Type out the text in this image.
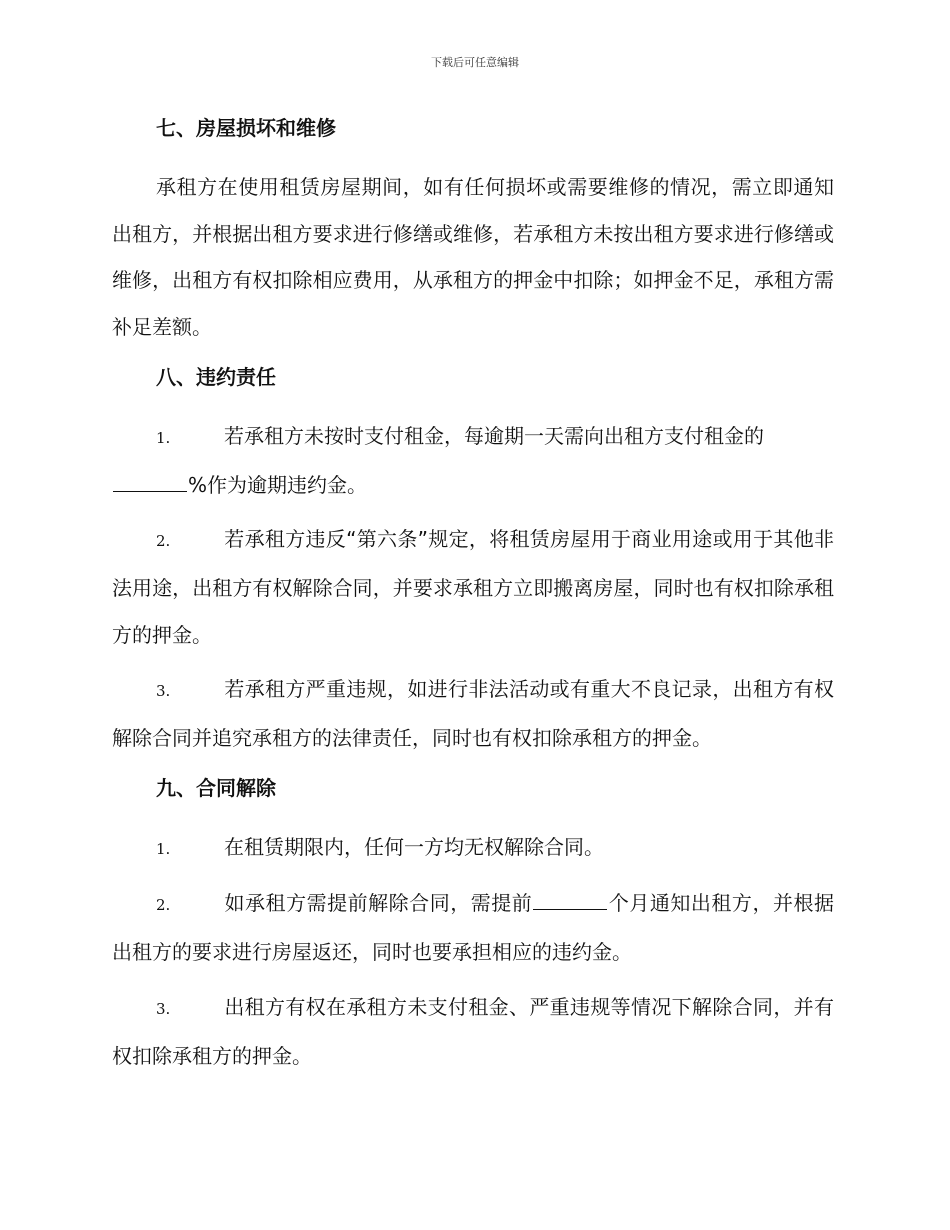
下载后可任意编辑
七、房屋损坏和维修
承租方在使用租赁房屋期间，如有任何损坏或需要维修的情况，需立即通知出租方，并根据出租方要求进行修缮或维修，若承租方未按出租方要求进行修缮或维修，出租方有权扣除相应费用，从承租方的押金中扣除；如押金不足，承租方需补足差额。
八、违约责任
1.	若承租方未按时支付租金，每逾期一天需向出租方支付租金的
%作为逾期违约金。
2.	若承租方违反“第六条”规定，将租赁房屋用于商业用途或用于其他非法用途，出租方有权解除合同，并要求承租方立即搬离房屋，同时也有权扣除承租方的押金。
3.	若承租方严重违规，如进行非法活动或有重大不良记录，出租方有权解除合同并追究承租方的法律责任，同时也有权扣除承租方的押金。
九、合同解除
1.	在租赁期限内，任何一方均无权解除合同。
2.	如承租方需提前解除合同，需提前	个月通知出租方，并根据出租方的要求进行房屋返还，同时也要承担相应的违约金。
3.	出租方有权在承租方未支付租金、严重违规等情况下解除合同，并有权扣除承租方的押金。
